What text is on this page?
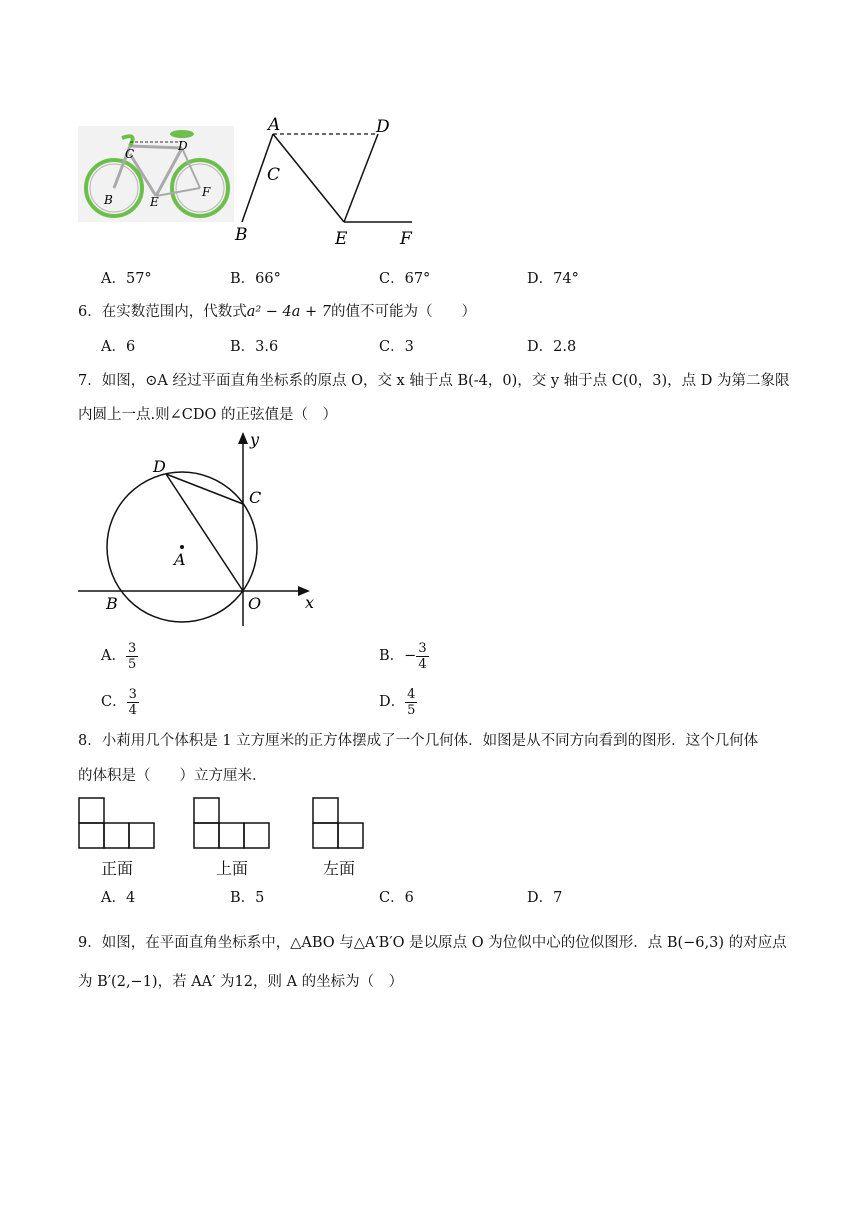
C
D
B	E
F
A	D
C
B	E	F
A．57°	B．66°	C．67°	D．74°
6．在实数范围内，代数式a² − 4a + 7的值不可能为（　　）
A．6	B．3.6	C．3	D．2.8
7．如图，⊙A 经过平面直角坐标系的原点 O，交 x 轴于点 B(-4，0)，交 y 轴于点 C(0，3)，点 D 为第二象限
内圆上一点.则∠CDO 的正弦值是（　）
y
x
D
C
A
B	O
A． $\frac{3}{5}$	B．− $\frac{3}{4}$
C． $\frac{3}{4}$	D． $\frac{4}{5}$
8．小莉用几个体积是 1 立方厘米的正方体摆成了一个几何体．如图是从不同方向看到的图形．这个几何体
的体积是（　　）立方厘米．
正面	上面	左面
A．4	B．5	C．6	D．7
9．如图，在平面直角坐标系中，△ABO 与△A′B′O 是以原点 O 为位似中心的位似图形．点 B(−6,3) 的对应点
为 B′(2,−1)，若 AA′ 为12，则 A 的坐标为（　）
